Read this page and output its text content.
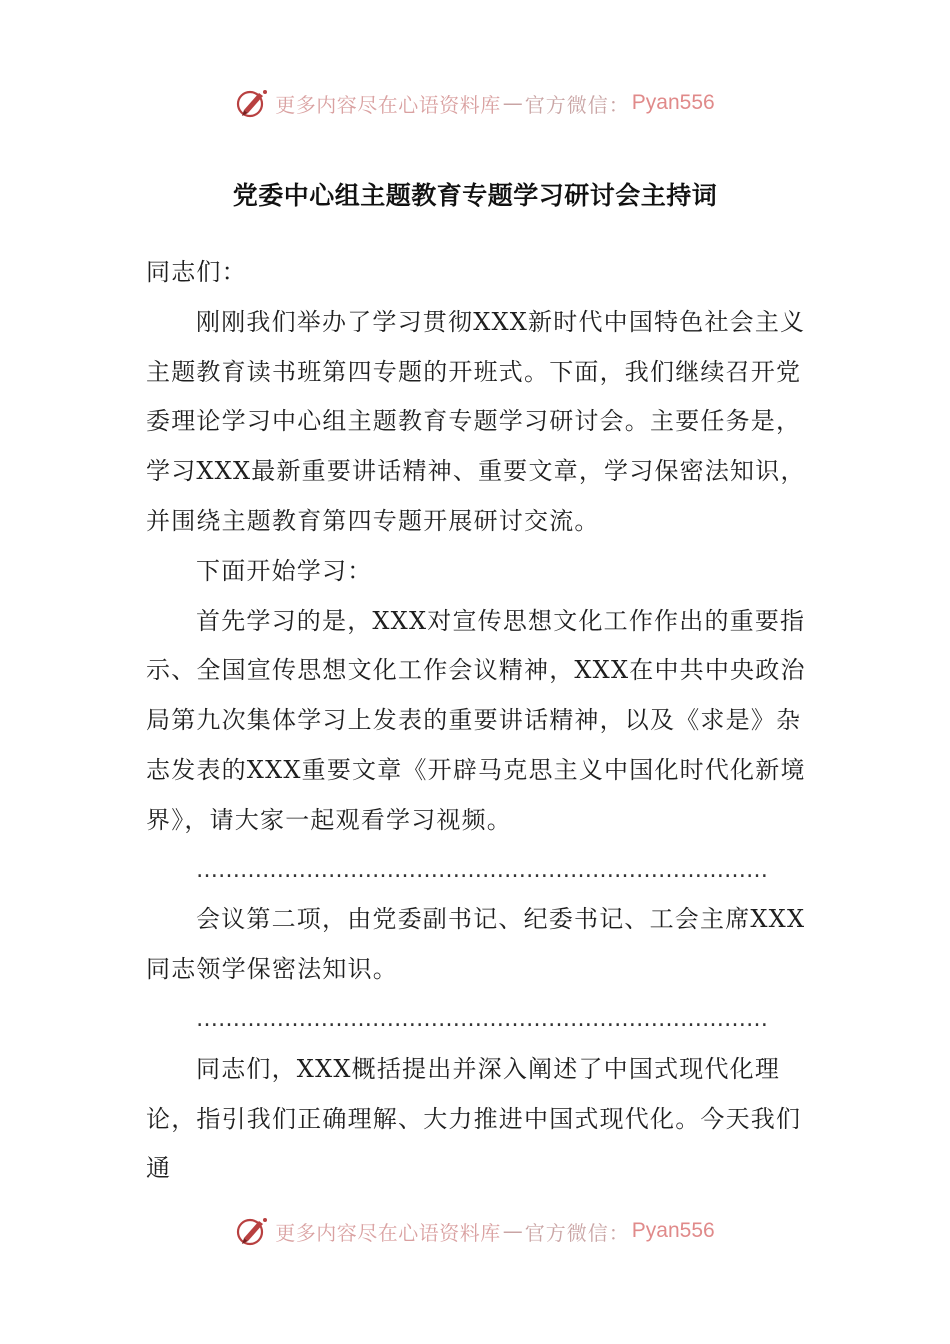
更多内容尽在心语资料库 — 官方微信： Pyan556
党委中心组主题教育专题学习研讨会主持词

同志们：

刚刚我们举办了学习贯彻XXX新时代中国特色社会主义主题教育读书班第四专题的开班式。下面，我们继续召开党委理论学习中心组主题教育专题学习研讨会。主要任务是，学习XXX最新重要讲话精神、重要文章，学习保密法知识，并围绕主题教育第四专题开展研讨交流。

下面开始学习：

首先学习的是，XXX对宣传思想文化工作作出的重要指示、全国宣传思想文化工作会议精神，XXX在中共中央政治局第九次集体学习上发表的重要讲话精神，以及《求是》杂志发表的XXX重要文章《开辟马克思主义中国化时代化新境界》，请大家一起观看学习视频。

……………………………………………………………………

会议第二项，由党委副书记、纪委书记、工会主席XXX同志领学保密法知识。

……………………………………………………………………

同志们，XXX概括提出并深入阐述了中国式现代化理论，指引我们正确理解、大力推进中国式现代化。今天我们通

更多内容尽在心语资料库 — 官方微信： Pyan556
